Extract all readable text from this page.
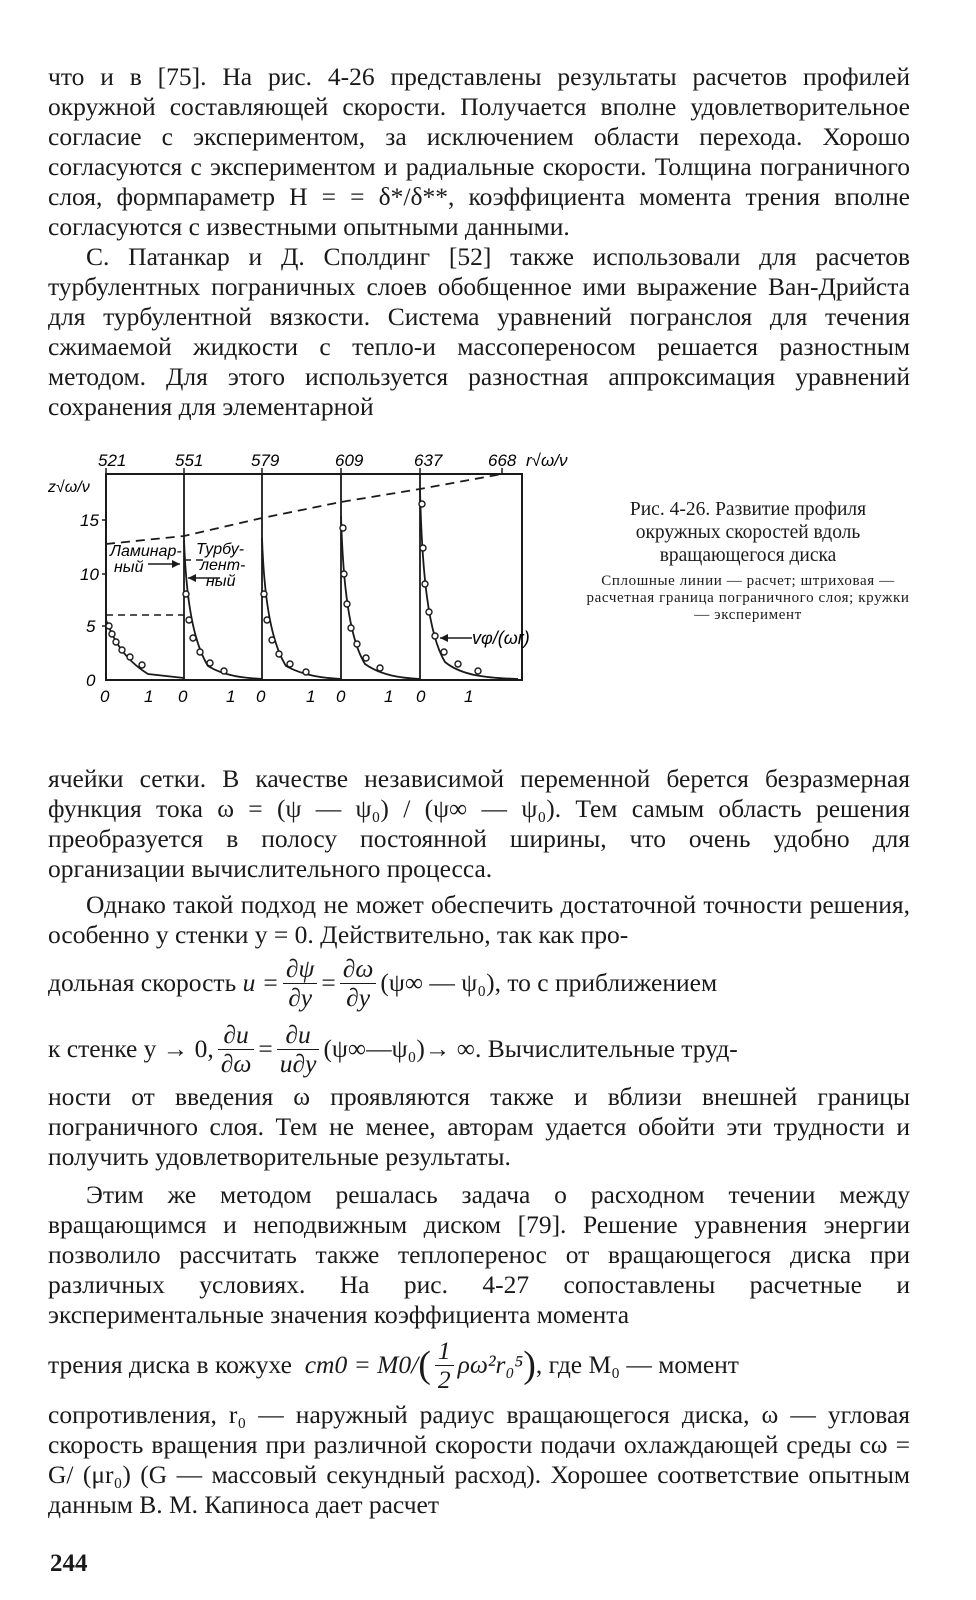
что и в [75]. На рис. 4-26 представлены результаты расчетов профилей окружной составляющей скорости. Получается вполне удовлетворительное согласие с экспериментом, за исключением области перехода. Хорошо согласуются с экспериментом и радиальные скорости. Толщина пограничного слоя, формпараметр H = = δ*/δ**, коэффициента момента трения вполне согласуются с известными опытными данными.

С. Патанкар и Д. Сполдинг [52] также использовали для расчетов турбулентных пограничных слоев обобщенное ими выражение Ван-Дрийста для турбулентной вязкости. Система уравнений погранслоя для течения сжимаемой жидкости с тепло-и массопереносом решается разностным методом. Для этого используется разностная аппроксимация уравнений сохранения для элементарной

521	551	579	609	637	668 r√ω/ν
z√ω/ν
15
10
5
0
Ламинар-
ный
Турбу-
лент-
ный
vφ/(ωr)
0 1 0 1 0 1 0 1 0 1

Рис. 4-26. Развитие профиля окружных скоростей вдоль вращающегося диска

Сплошные линии — расчет; штриховая — расчетная граница пограничного слоя; кружки — эксперимент

ячейки сетки. В качестве независимой переменной берется безразмерная функция тока ω = (ψ — ψ₀) / (ψ∞ — ψ₀). Тем самым область решения преобразуется в полосу постоянной ширины, что очень удобно для организации вычислительного процесса.

Однако такой подход не может обеспечить достаточной точности решения, особенно у стенки y = 0. Действительно, так как про-

дольная скорость
$u = \frac{\partial\psi}{\partial y} = \frac{\partial\omega}{\partial y} (\psi\infty$ — ψ₀), то с приближением
к стенке y → 0, $\frac{\partial u}{\partial\omega} = \frac{\partial u}{u\partial y}$ (ψ∞—ψ₀)→ ∞. Вычислительные труд-

ности от введения ω проявляются также и вблизи внешней границы пограничного слоя. Тем не менее, авторам удается обойти эти трудности и получить удовлетворительные результаты.

Этим же методом решалась задача о расходном течении между вращающимся и неподвижным диском [79]. Решение уравнения энергии позволило рассчитать также теплоперенос от вращающегося диска при различных условиях. На рис. 4-27 сопоставлены расчетные и экспериментальные значения коэффициента момента

трения диска в кожухе
cm0 = M0/ ( $\frac{1}{2} \rho\omega^2r_0^5$ ) , где M₀ — момент

сопротивления, r₀ — наружный радиус вращающегося диска, ω — угловая скорость вращения при различной скорости подачи охлаждающей среды cω = G/ (μr₀) (G — массовый секундный расход). Хорошее соответствие опытным данным В. М. Капиноса дает расчет

244
